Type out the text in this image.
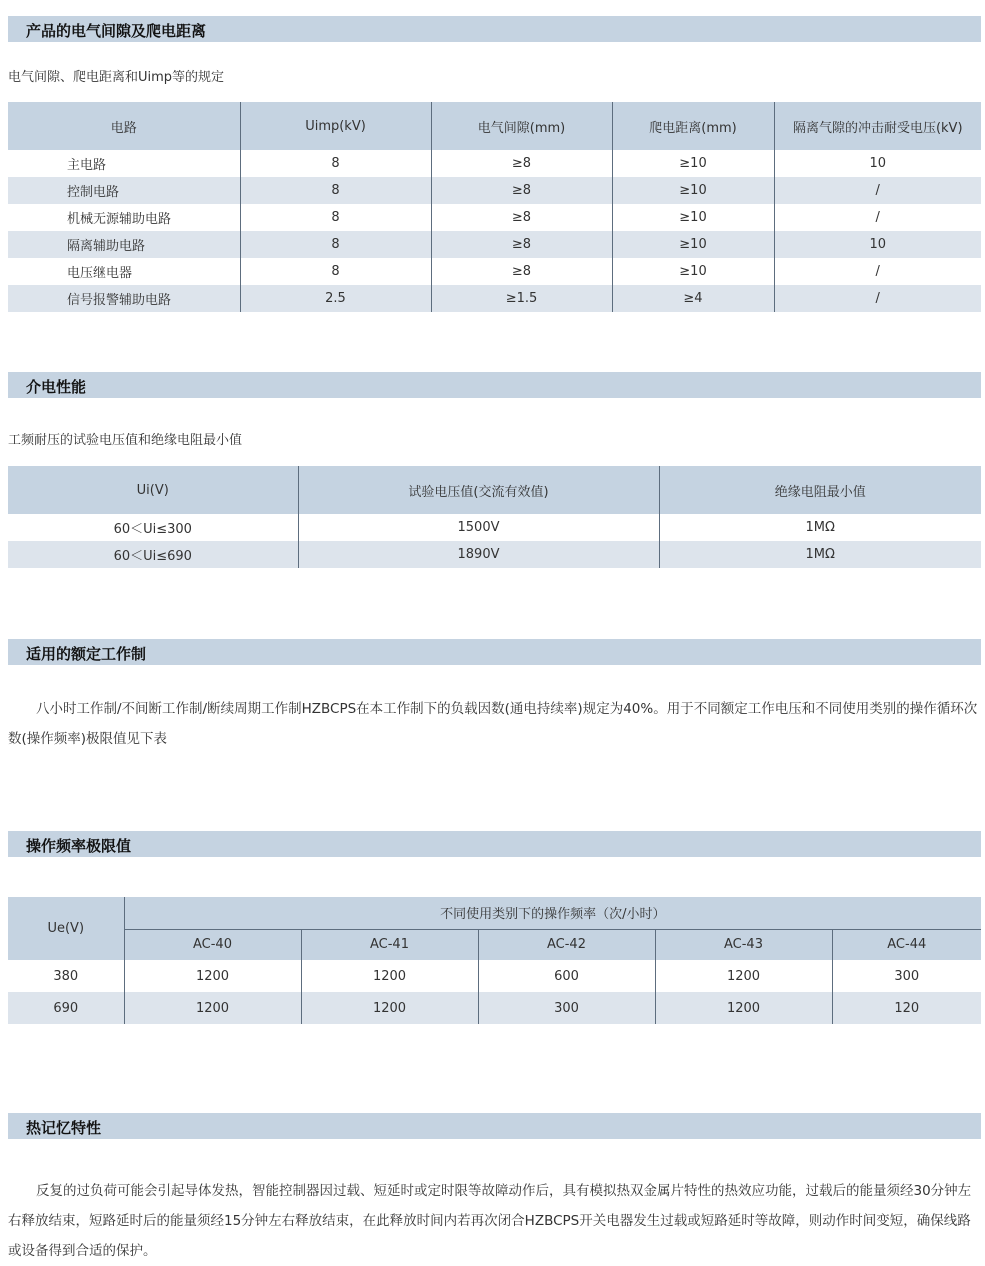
产品的电气间隙及爬电距离
电气间隙、爬电距离和Uimp等的规定
电路	Uimp(kV)	电气间隙(mm)	爬电距离(mm)	隔离气隙的冲击耐受电压(kV)
主电路	8	≥8	≥10	10
控制电路	8	≥8	≥10	/
机械无源辅助电路	8	≥8	≥10	/
隔离辅助电路	8	≥8	≥10	10
电压继电器	8	≥8	≥10	/
信号报警辅助电路	2.5	≥1.5	≥4	/
介电性能
工频耐压的试验电压值和绝缘电阻最小值
Ui(V)	试验电压值(交流有效值)	绝缘电阻最小值
60＜Ui≤300	1500V	1MΩ
60＜Ui≤690	1890V	1MΩ
适用的额定工作制
八小时工作制/不间断工作制/断续周期工作制HZBCPS在本工作制下的负载因数(通电持续率)规定为40%。用于不同额定工作电压和不同使用类别的操作循环次数(操作频率)极限值见下表
操作频率极限值
Ue(V)	不同使用类别下的操作频率（次/小时）				
	AC-40	AC-41	AC-42	AC-43	AC-44
380	1200	1200	600	1200	300
690	1200	1200	300	1200	120
热记忆特性
反复的过负荷可能会引起导体发热，智能控制器因过载、短延时或定时限等故障动作后，具有模拟热双金属片特性的热效应功能，过载后的能量须经30分钟左右释放结束，短路延时后的能量须经15分钟左右释放结束，在此释放时间内若再次闭合HZBCPS开关电器发生过载或短路延时等故障，则动作时间变短，确保线路或设备得到合适的保护。
